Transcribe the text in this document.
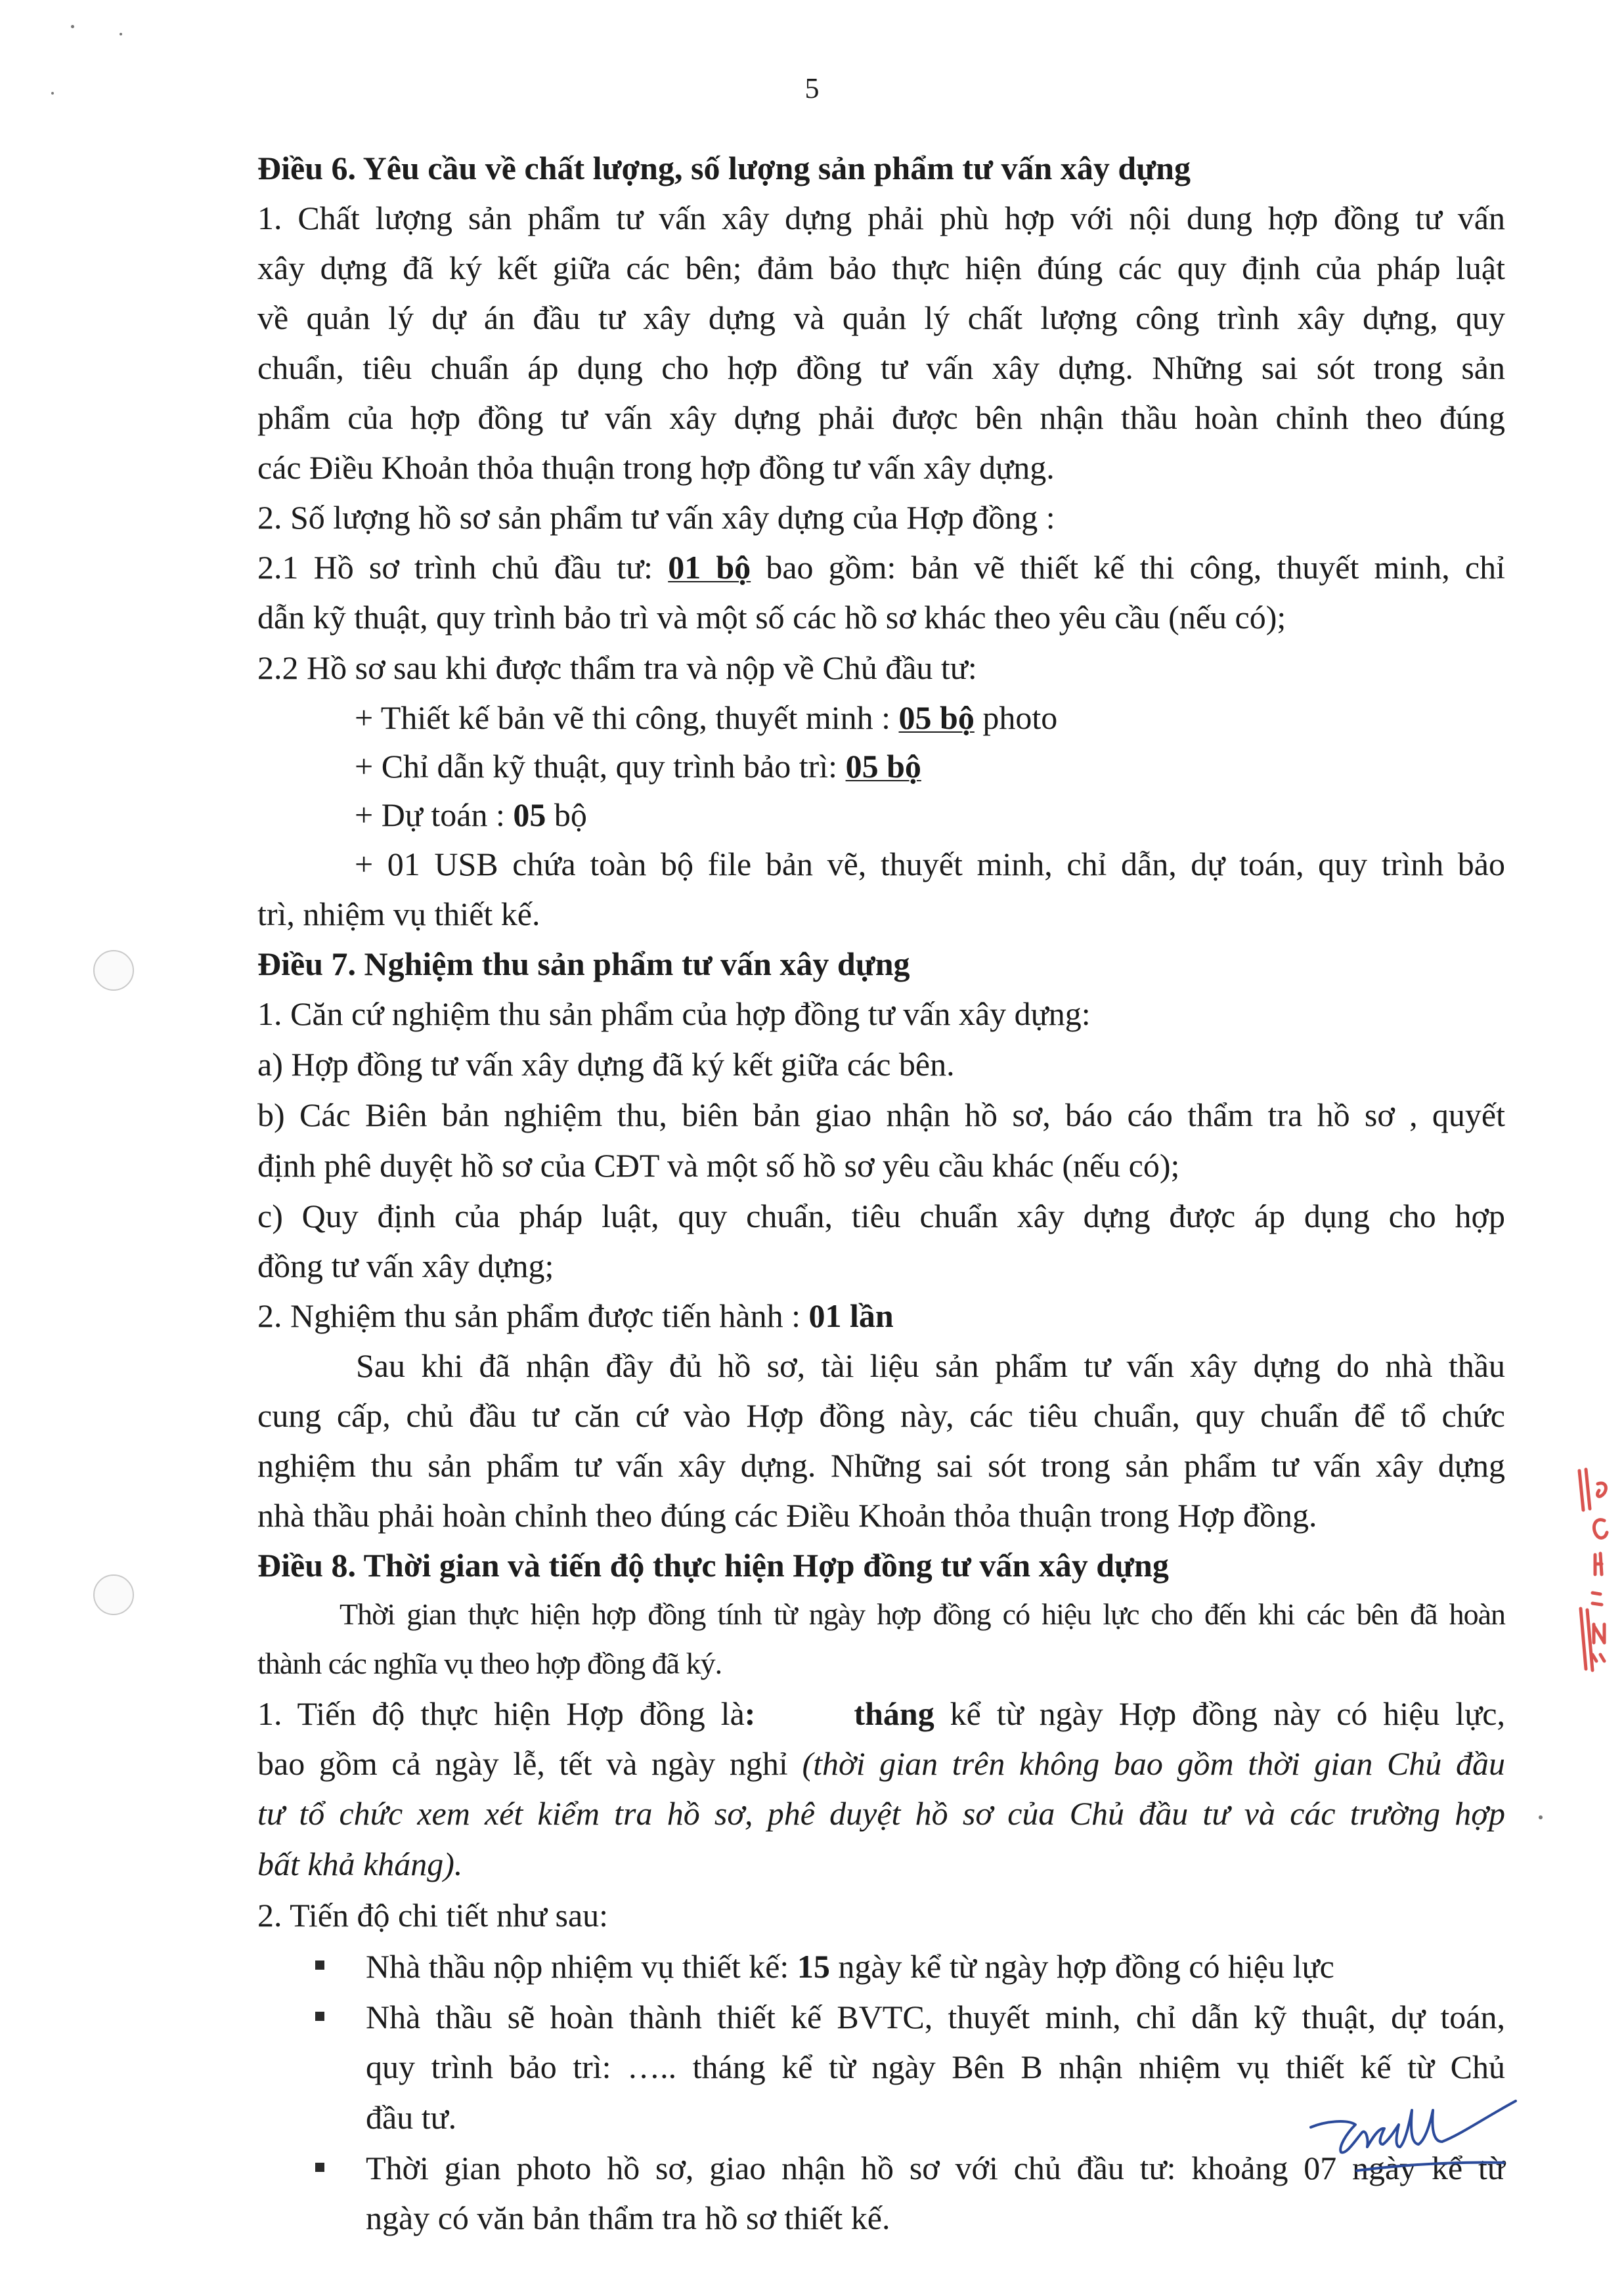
5
Điều 6. Yêu cầu về chất lượng, số lượng sản phẩm tư vấn xây dựng
1. Chất lượng sản phẩm tư vấn xây dựng phải phù hợp với nội dung hợp đồng tư vấn
xây dựng đã ký kết giữa các bên; đảm bảo thực hiện đúng các quy định của pháp luật
về quản lý dự án đầu tư xây dựng và quản lý chất lượng công trình xây dựng, quy
chuẩn, tiêu chuẩn áp dụng cho hợp đồng tư vấn xây dựng. Những sai sót trong sản
phẩm của hợp đồng tư vấn xây dựng phải được bên nhận thầu hoàn chỉnh theo đúng
các Điều Khoản thỏa thuận trong hợp đồng tư vấn xây dựng.
2. Số lượng hồ sơ sản phẩm tư vấn xây dựng của Hợp đồng :
2.1 Hồ sơ trình chủ đầu tư: 01 bộ bao gồm: bản vẽ thiết kế thi công, thuyết minh, chỉ
dẫn kỹ thuật, quy trình bảo trì và một số các hồ sơ khác theo yêu cầu (nếu có);
2.2 Hồ sơ sau khi được thẩm tra và nộp về Chủ đầu tư:
+ Thiết kế bản vẽ thi công, thuyết minh : 05 bộ photo
+ Chỉ dẫn kỹ thuật, quy trình bảo trì: 05 bộ
+ Dự toán : 05 bộ
+ 01 USB chứa toàn bộ file bản vẽ, thuyết minh, chỉ dẫn, dự toán, quy trình bảo
trì, nhiệm vụ thiết kế.
Điều 7. Nghiệm thu sản phẩm tư vấn xây dựng
1. Căn cứ nghiệm thu sản phẩm của hợp đồng tư vấn xây dựng:
a) Hợp đồng tư vấn xây dựng đã ký kết giữa các bên.
b) Các Biên bản nghiệm thu, biên bản giao nhận hồ sơ, báo cáo thẩm tra hồ sơ , quyết
định phê duyệt hồ sơ của CĐT và một số hồ sơ yêu cầu khác (nếu có);
c) Quy định của pháp luật, quy chuẩn, tiêu chuẩn xây dựng được áp dụng cho hợp
đồng tư vấn xây dựng;
2. Nghiệm thu sản phẩm được tiến hành : 01 lần
Sau khi đã nhận đầy đủ hồ sơ, tài liệu sản phẩm tư vấn xây dựng do nhà thầu
cung cấp, chủ đầu tư căn cứ vào Hợp đồng này, các tiêu chuẩn, quy chuẩn để tổ chức
nghiệm thu sản phẩm tư vấn xây dựng. Những sai sót trong sản phẩm tư vấn xây dựng
nhà thầu phải hoàn chỉnh theo đúng các Điều Khoản thỏa thuận trong Hợp đồng.
Điều 8. Thời gian và tiến độ thực hiện Hợp đồng tư vấn xây dựng
Thời gian thực hiện hợp đồng tính từ ngày hợp đồng có hiệu lực cho đến khi các bên đã hoàn
thành các nghĩa vụ theo hợp đồng đã ký.
1. Tiến độ thực hiện Hợp đồng là:	tháng kể từ ngày Hợp đồng này có hiệu lực,
bao gồm cả ngày lễ, tết và ngày nghỉ (thời gian trên không bao gồm thời gian Chủ đầu
tư tổ chức xem xét kiểm tra hồ sơ, phê duyệt hồ sơ của Chủ đầu tư và các trường hợp
bất khả kháng).
2. Tiến độ chi tiết như sau:
Nhà thầu nộp nhiệm vụ thiết kế: 15 ngày kể từ ngày hợp đồng có hiệu lực
Nhà thầu sẽ hoàn thành thiết kế BVTC, thuyết minh, chỉ dẫn kỹ thuật, dự toán,
quy trình bảo trì: ….. tháng kể từ ngày Bên B nhận nhiệm vụ thiết kế từ Chủ
đầu tư.
Thời gian photo hồ sơ, giao nhận hồ sơ với chủ đầu tư: khoảng 07 ngày kể từ
ngày có văn bản thẩm tra hồ sơ thiết kế.
